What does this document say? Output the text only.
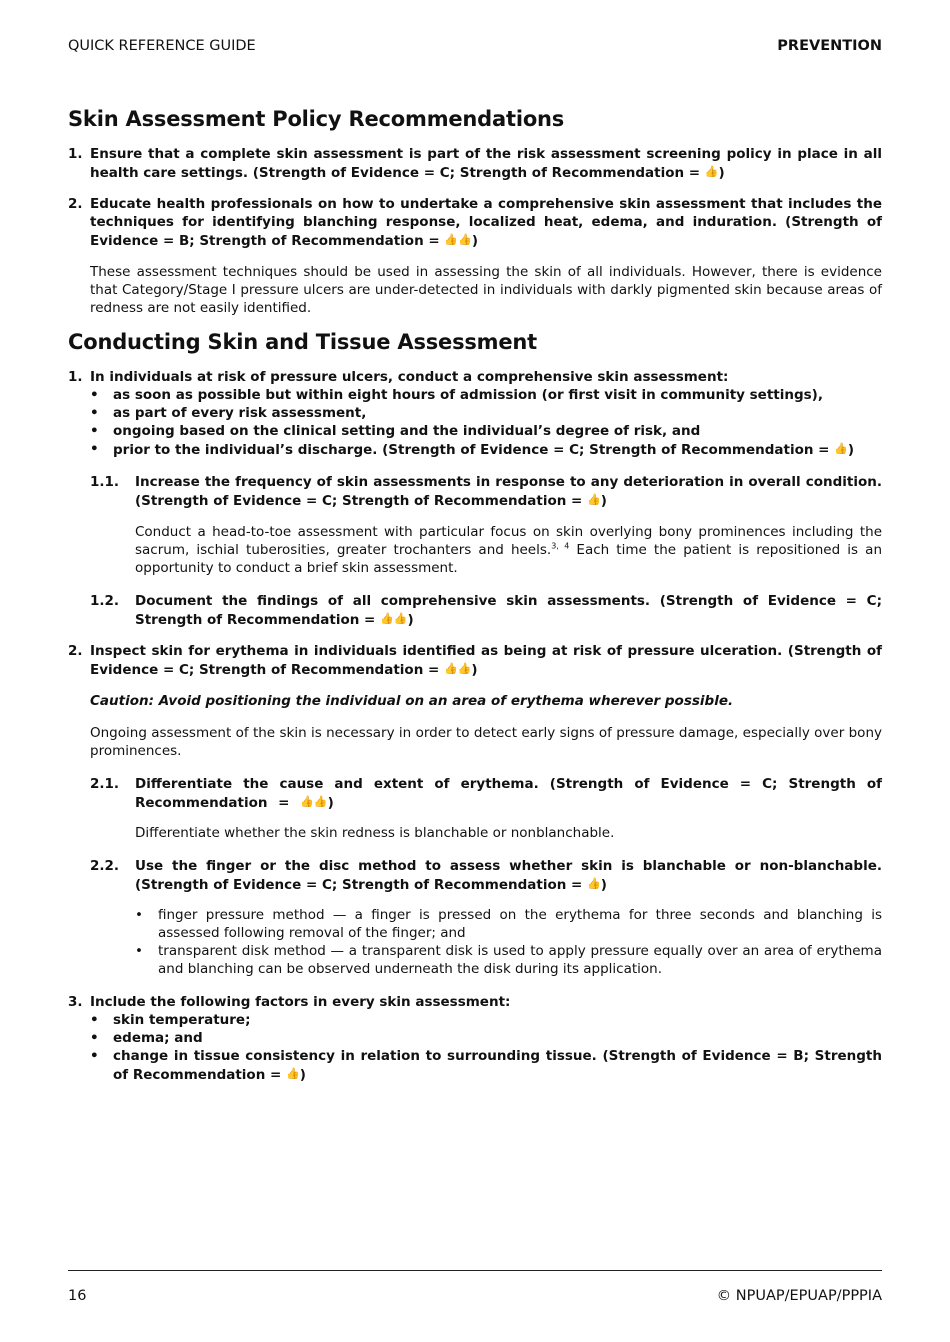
QUICK REFERENCE GUIDE	PREVENTION
Skin Assessment Policy Recommendations
1. Ensure that a complete skin assessment is part of the risk assessment screening policy in place in all health care settings. (Strength of Evidence = C; Strength of Recommendation = 👍)
2. Educate health professionals on how to undertake a comprehensive skin assessment that includes the techniques for identifying blanching response, localized heat, edema, and induration. (Strength of Evidence = B; Strength of Recommendation = 👍👍)
These assessment techniques should be used in assessing the skin of all individuals. However, there is evidence that Category/Stage I pressure ulcers are under-detected in individuals with darkly pigmented skin because areas of redness are not easily identified.
Conducting Skin and Tissue Assessment
1. In individuals at risk of pressure ulcers, conduct a comprehensive skin assessment:
• as soon as possible but within eight hours of admission (or first visit in community settings),
• as part of every risk assessment,
• ongoing based on the clinical setting and the individual’s degree of risk, and
• prior to the individual’s discharge. (Strength of Evidence = C; Strength of Recommendation = 👍)
1.1. Increase the frequency of skin assessments in response to any deterioration in overall condition. (Strength of Evidence = C; Strength of Recommendation = 👍)
Conduct a head-to-toe assessment with particular focus on skin overlying bony prominences including the sacrum, ischial tuberosities, greater trochanters and heels.$^{3, 4}$ Each time the patient is repositioned is an opportunity to conduct a brief skin assessment.
1.2. Document the findings of all comprehensive skin assessments. (Strength of Evidence = C; Strength of Recommendation = 👍👍)
2. Inspect skin for erythema in individuals identified as being at risk of pressure ulceration. (Strength of Evidence = C; Strength of Recommendation = 👍👍)
Caution: Avoid positioning the individual on an area of erythema wherever possible.
Ongoing assessment of the skin is necessary in order to detect early signs of pressure damage, especially over bony prominences.
2.1. Differentiate the cause and extent of erythema. (Strength of Evidence = C; Strength of Recommendation = 👍👍)
Differentiate whether the skin redness is blanchable or nonblanchable.
2.2. Use the finger or the disc method to assess whether skin is blanchable or non-blanchable. (Strength of Evidence = C; Strength of Recommendation = 👍)
• finger pressure method — a finger is pressed on the erythema for three seconds and blanching is assessed following removal of the finger; and
• transparent disk method — a transparent disk is used to apply pressure equally over an area of erythema and blanching can be observed underneath the disk during its application.
3. Include the following factors in every skin assessment:
• skin temperature;
• edema; and
• change in tissue consistency in relation to surrounding tissue. (Strength of Evidence = B; Strength of Recommendation = 👍)
16	© NPUAP/EPUAP/PPPIA
